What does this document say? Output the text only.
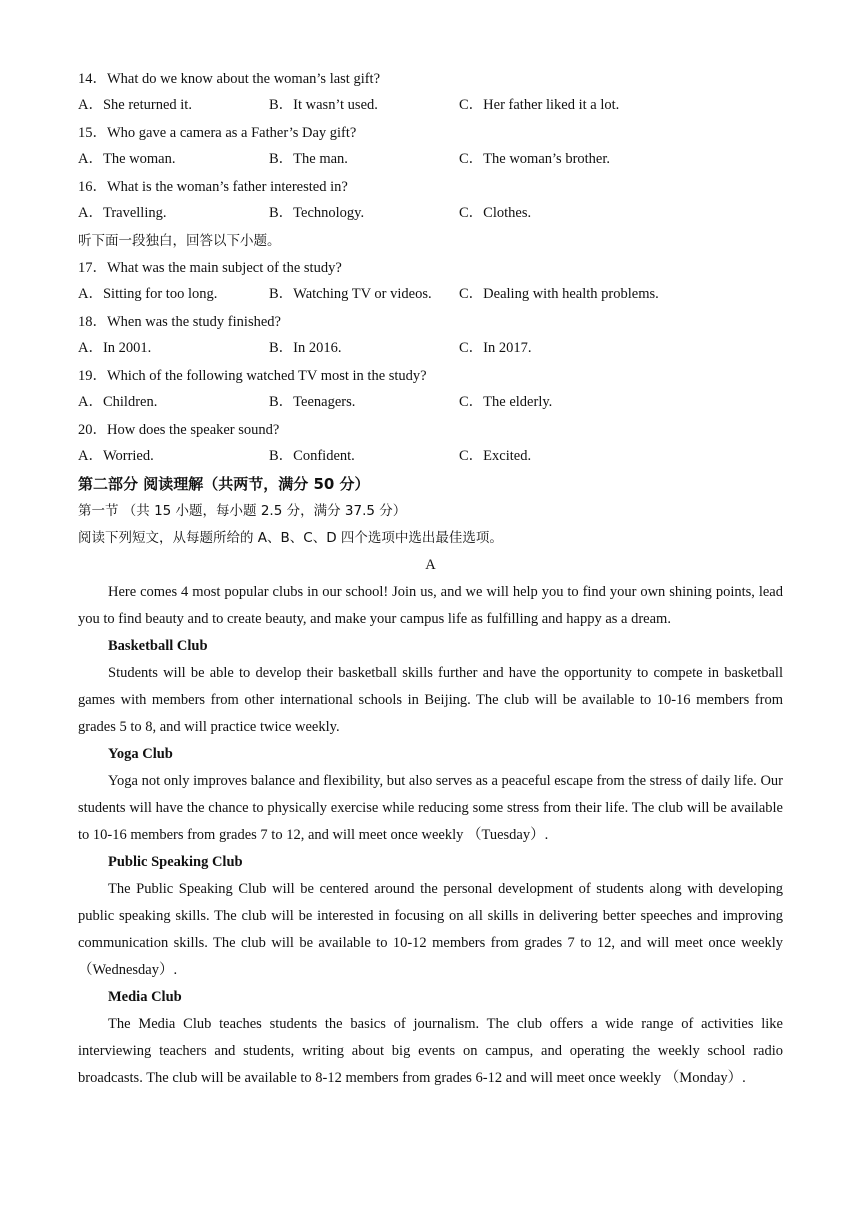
14．What do we know about the woman’s last gift?
A．She returned it.	B．It wasn’t used.	C．Her father liked it a lot.
15．Who gave a camera as a Father’s Day gift?
A．The woman.	B．The man.	C．The woman’s brother.
16．What is the woman’s father interested in?
A．Travelling.	B．Technology.	C．Clothes.
听下面一段独白，回答以下小题。
17．What was the main subject of the study?
A．Sitting for too long.	B．Watching TV or videos. C．Dealing with health problems.
18．When was the study finished?
A．In 2001.	B．In 2016.	C．In 2017.
19．Which of the following watched TV most in the study?
A．Children.	B．Teenagers.	C．The elderly.
20．How does the speaker sound?
A．Worried.	B．Confident.	C．Excited.
第二部分 阅读理解（共两节，满分 50 分）
第一节 （共 15 小题，每小题 2.5 分，满分 37.5 分）
阅读下列短文，从每题所给的 A、B、C、D 四个选项中选出最佳选项。
A
Here comes 4 most popular clubs in our school! Join us, and we will help you to find your own shining points, lead you to find beauty and to create beauty, and make your campus life as fulfilling and happy as a dream.
Basketball Club
Students will be able to develop their basketball skills further and have the opportunity to compete in basketball games with members from other international schools in Beijing. The club will be available to 10-16 members from grades 5 to 8, and will practice twice weekly.
Yoga Club
Yoga not only improves balance and flexibility, but also serves as a peaceful escape from the stress of daily life. Our students will have the chance to physically exercise while reducing some stress from their life. The club will be available to 10-16 members from grades 7 to 12, and will meet once weekly （Tuesday）.
Public Speaking Club
The Public Speaking Club will be centered around the personal development of students along with developing public speaking skills. The club will be interested in focusing on all skills in delivering better speeches and improving communication skills. The club will be available to 10-12 members from grades 7 to 12, and will meet once weekly （Wednesday）.
Media Club
The Media Club teaches students the basics of journalism. The club offers a wide range of activities like interviewing teachers and students, writing about big events on campus, and operating the weekly school radio broadcasts. The club will be available to 8-12 members from grades 6-12 and will meet once weekly （Monday）.
